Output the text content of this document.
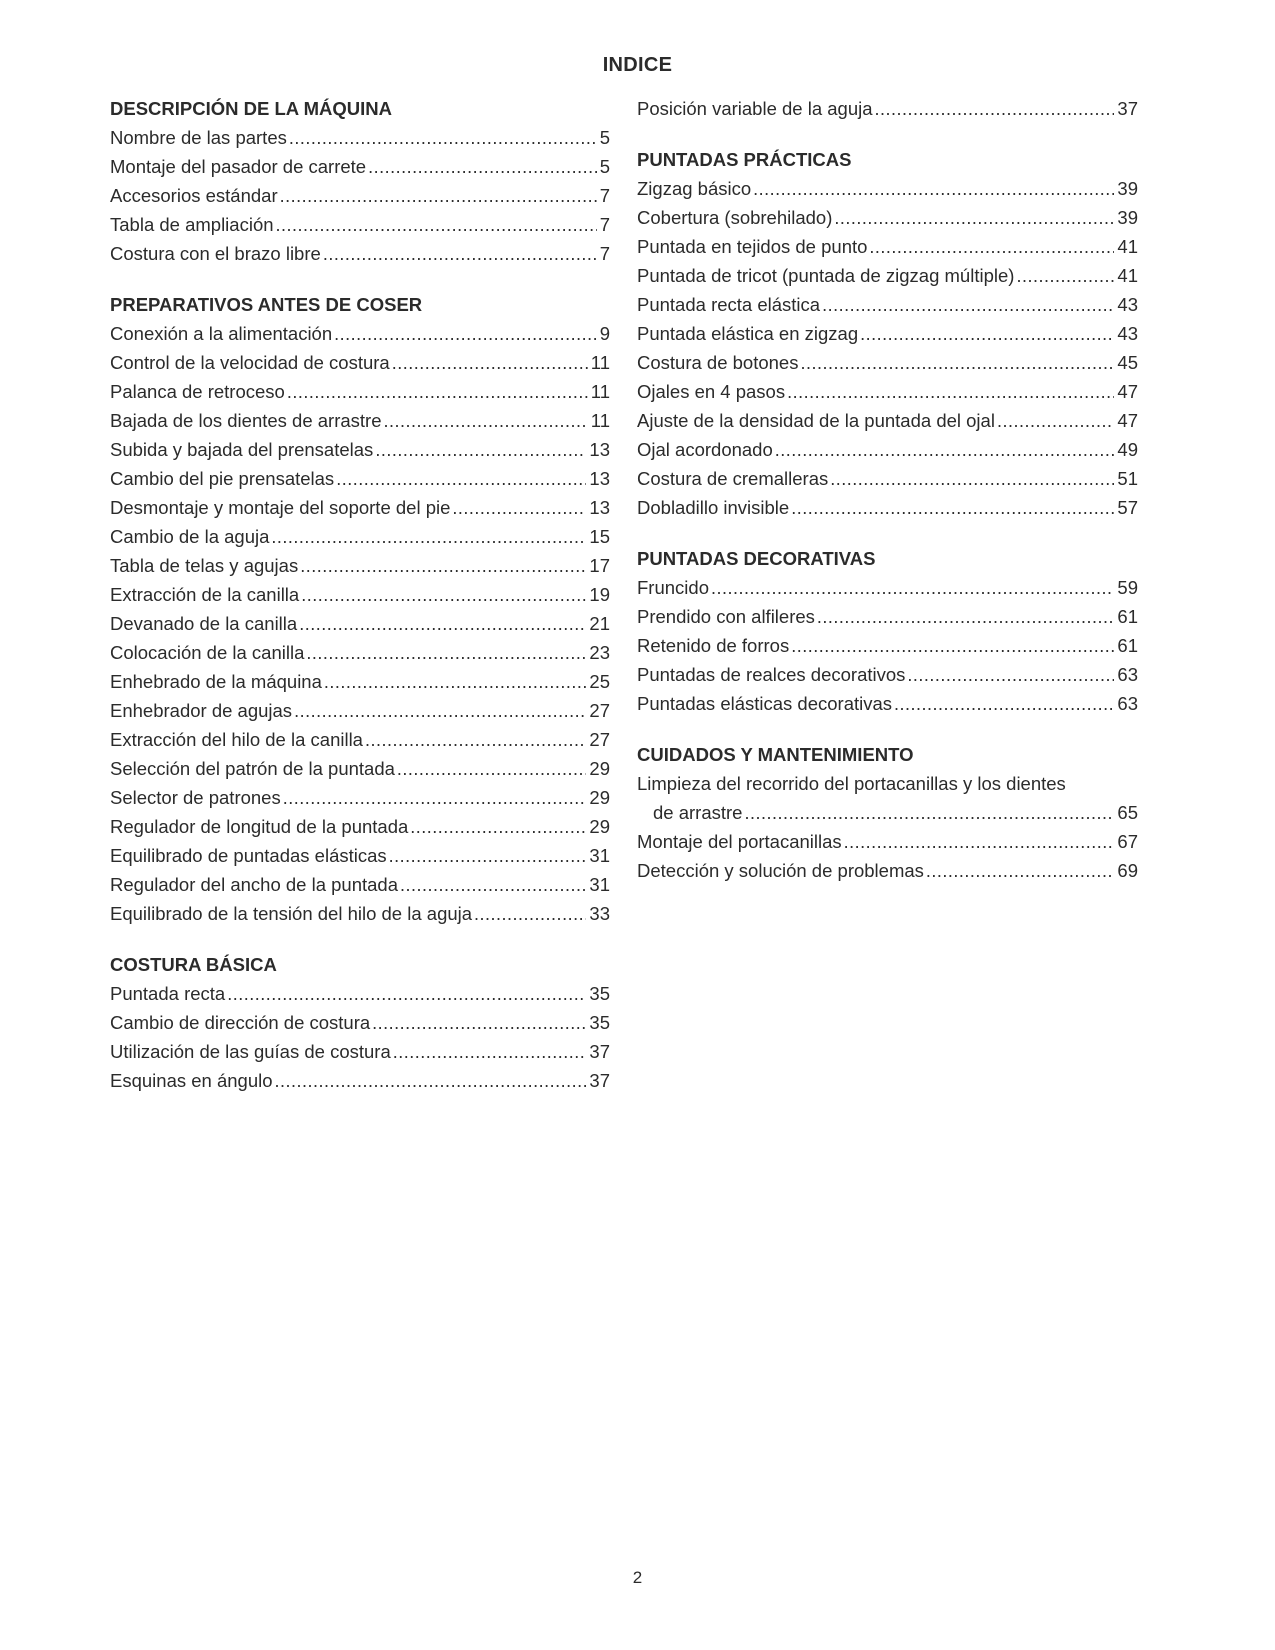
INDICE
DESCRIPCIÓN DE LA MÁQUINA
Nombre de las partes .....	5
Montaje del pasador de carrete .....	5
Accesorios estándar .....	7
Tabla de ampliación .....	7
Costura con el brazo libre .....	7
PREPARATIVOS ANTES DE COSER
Conexión a la alimentación .....	9
Control de la velocidad de costura .....	11
Palanca de retroceso .....	11
Bajada de los dientes de arrastre .....	11
Subida y bajada del prensatelas .....	13
Cambio del pie prensatelas .....	13
Desmontaje y montaje del soporte del pie .....	13
Cambio de la aguja .....	15
Tabla de telas y agujas .....	17
Extracción de la canilla .....	19
Devanado de la canilla .....	21
Colocación de la canilla .....	23
Enhebrado de la máquina .....	25
Enhebrador de agujas .....	27
Extracción del hilo de la canilla .....	27
Selección del patrón de la puntada .....	29
Selector de patrones .....	29
Regulador de longitud de la puntada .....	29
Equilibrado de puntadas elásticas .....	31
Regulador del ancho de la puntada .....	31
Equilibrado de la tensión del hilo de la aguja .....	33
COSTURA BÁSICA
Puntada recta .....	35
Cambio de dirección de costura .....	35
Utilización de las guías de costura .....	37
Esquinas en ángulo .....	37
Posición variable de la aguja .....	37
PUNTADAS PRÁCTICAS
Zigzag básico .....	39
Cobertura (sobrehilado) .....	39
Puntada en tejidos de punto .....	41
Puntada de tricot (puntada de zigzag múltiple) .....	41
Puntada recta elástica .....	43
Puntada elástica en zigzag .....	43
Costura de botones .....	45
Ojales en 4 pasos .....	47
Ajuste de la densidad de la puntada del ojal .....	47
Ojal acordonado .....	49
Costura de cremalleras .....	51
Dobladillo invisible .....	57
PUNTADAS DECORATIVAS
Fruncido .....	59
Prendido con alfileres .....	61
Retenido de forros .....	61
Puntadas de realces decorativos .....	63
Puntadas elásticas decorativas .....	63
CUIDADOS Y MANTENIMIENTO
Limpieza del recorrido del portacanillas y los dientes
de arrastre .....	65
Montaje del portacanillas .....	67
Detección y solución de problemas .....	69
2
